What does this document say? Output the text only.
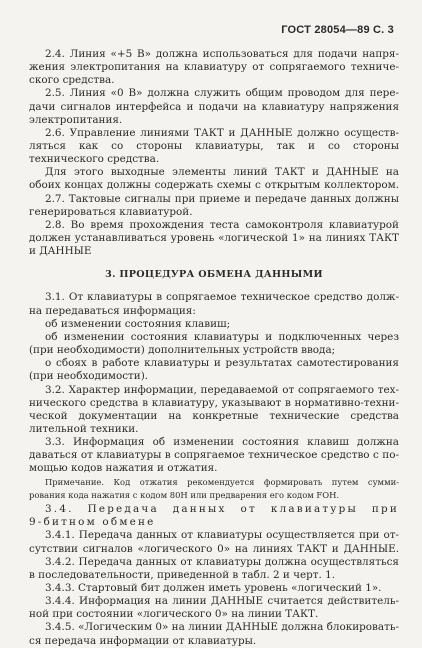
ГОСТ 28054—89 С. 3
2.4. Линия «+5 В» должна использоваться для подачи напря-
жения электропитания на клавиатуру от сопрягаемого техниче-
ского средства.
2.5. Линия «0 В» должна служить общим проводом для пере-
дачи сигналов интерфейса и подачи на клавиатуру напряжения
электропитания.
2.6. Управление линиями ТАКТ и ДАННЫЕ должно осуществ-
ляться как со стороны клавиатуры, так и со стороны
технического средства.
Для этого выходные элементы линий ТАКТ и ДАННЫЕ на
обоих концах должны содержать схемы с открытым коллектором.
2.7. Тактовые сигналы при приеме и передаче данных должны
генерироваться клавиатурой.
2.8. Во время прохождения теста самоконтроля клавиатурой
должен устанавливаться уровень «логической 1» на линиях ТАКТ
и ДАННЫЕ
3. ПРОЦЕДУРА ОБМЕНА ДАННЫМИ
3.1. От клавиатуры в сопрягаемое техническое средство долж-
на передаваться информация:
об изменении состояния клавиш;
об изменении состояния клавиатуры и подключенных через
(при необходимости) дополнительных устройств ввода;
о сбоях в работе клавиатуры и результатах самотестирования
(при необходимости).
3.2. Характер информации, передаваемой от сопрягаемого тех-
нического средства в клавиатуру, указывают в нормативно-техни-
ческой документации на конкретные технические средства
лительной техники.
3.3. Информация об изменении состояния клавиш должна
даваться от клавиатуры в сопрягаемое техническое средство с по-
мощью кодов нажатия и отжатия.
Примечание. Код отжатия рекомендуется формировать путем сумми-
рования кода нажатия с кодом 80H или предварения его кодом FOH.
3.4. Передача данных от клавиатуры при
9-битном обмене
3.4.1. Передача данных от клавиатуры осуществляется при от-
сутствии сигналов «логического 0» на линиях ТАКТ и ДАННЫЕ.
3.4.2. Передача данных от клавиатуры должна осуществляться
в последовательности, приведенной в табл. 2 и черт. 1.
3.4.3. Стартовый бит должен иметь уровень «логический 1».
3.4.4. Информация на линии ДАННЫЕ считается действитель-
ной при состоянии «логического 0» на линии ТАКТ.
3.4.5. «Логическим 0» на линии ДАННЫЕ должна блокировать-
ся передача информации от клавиатуры.
